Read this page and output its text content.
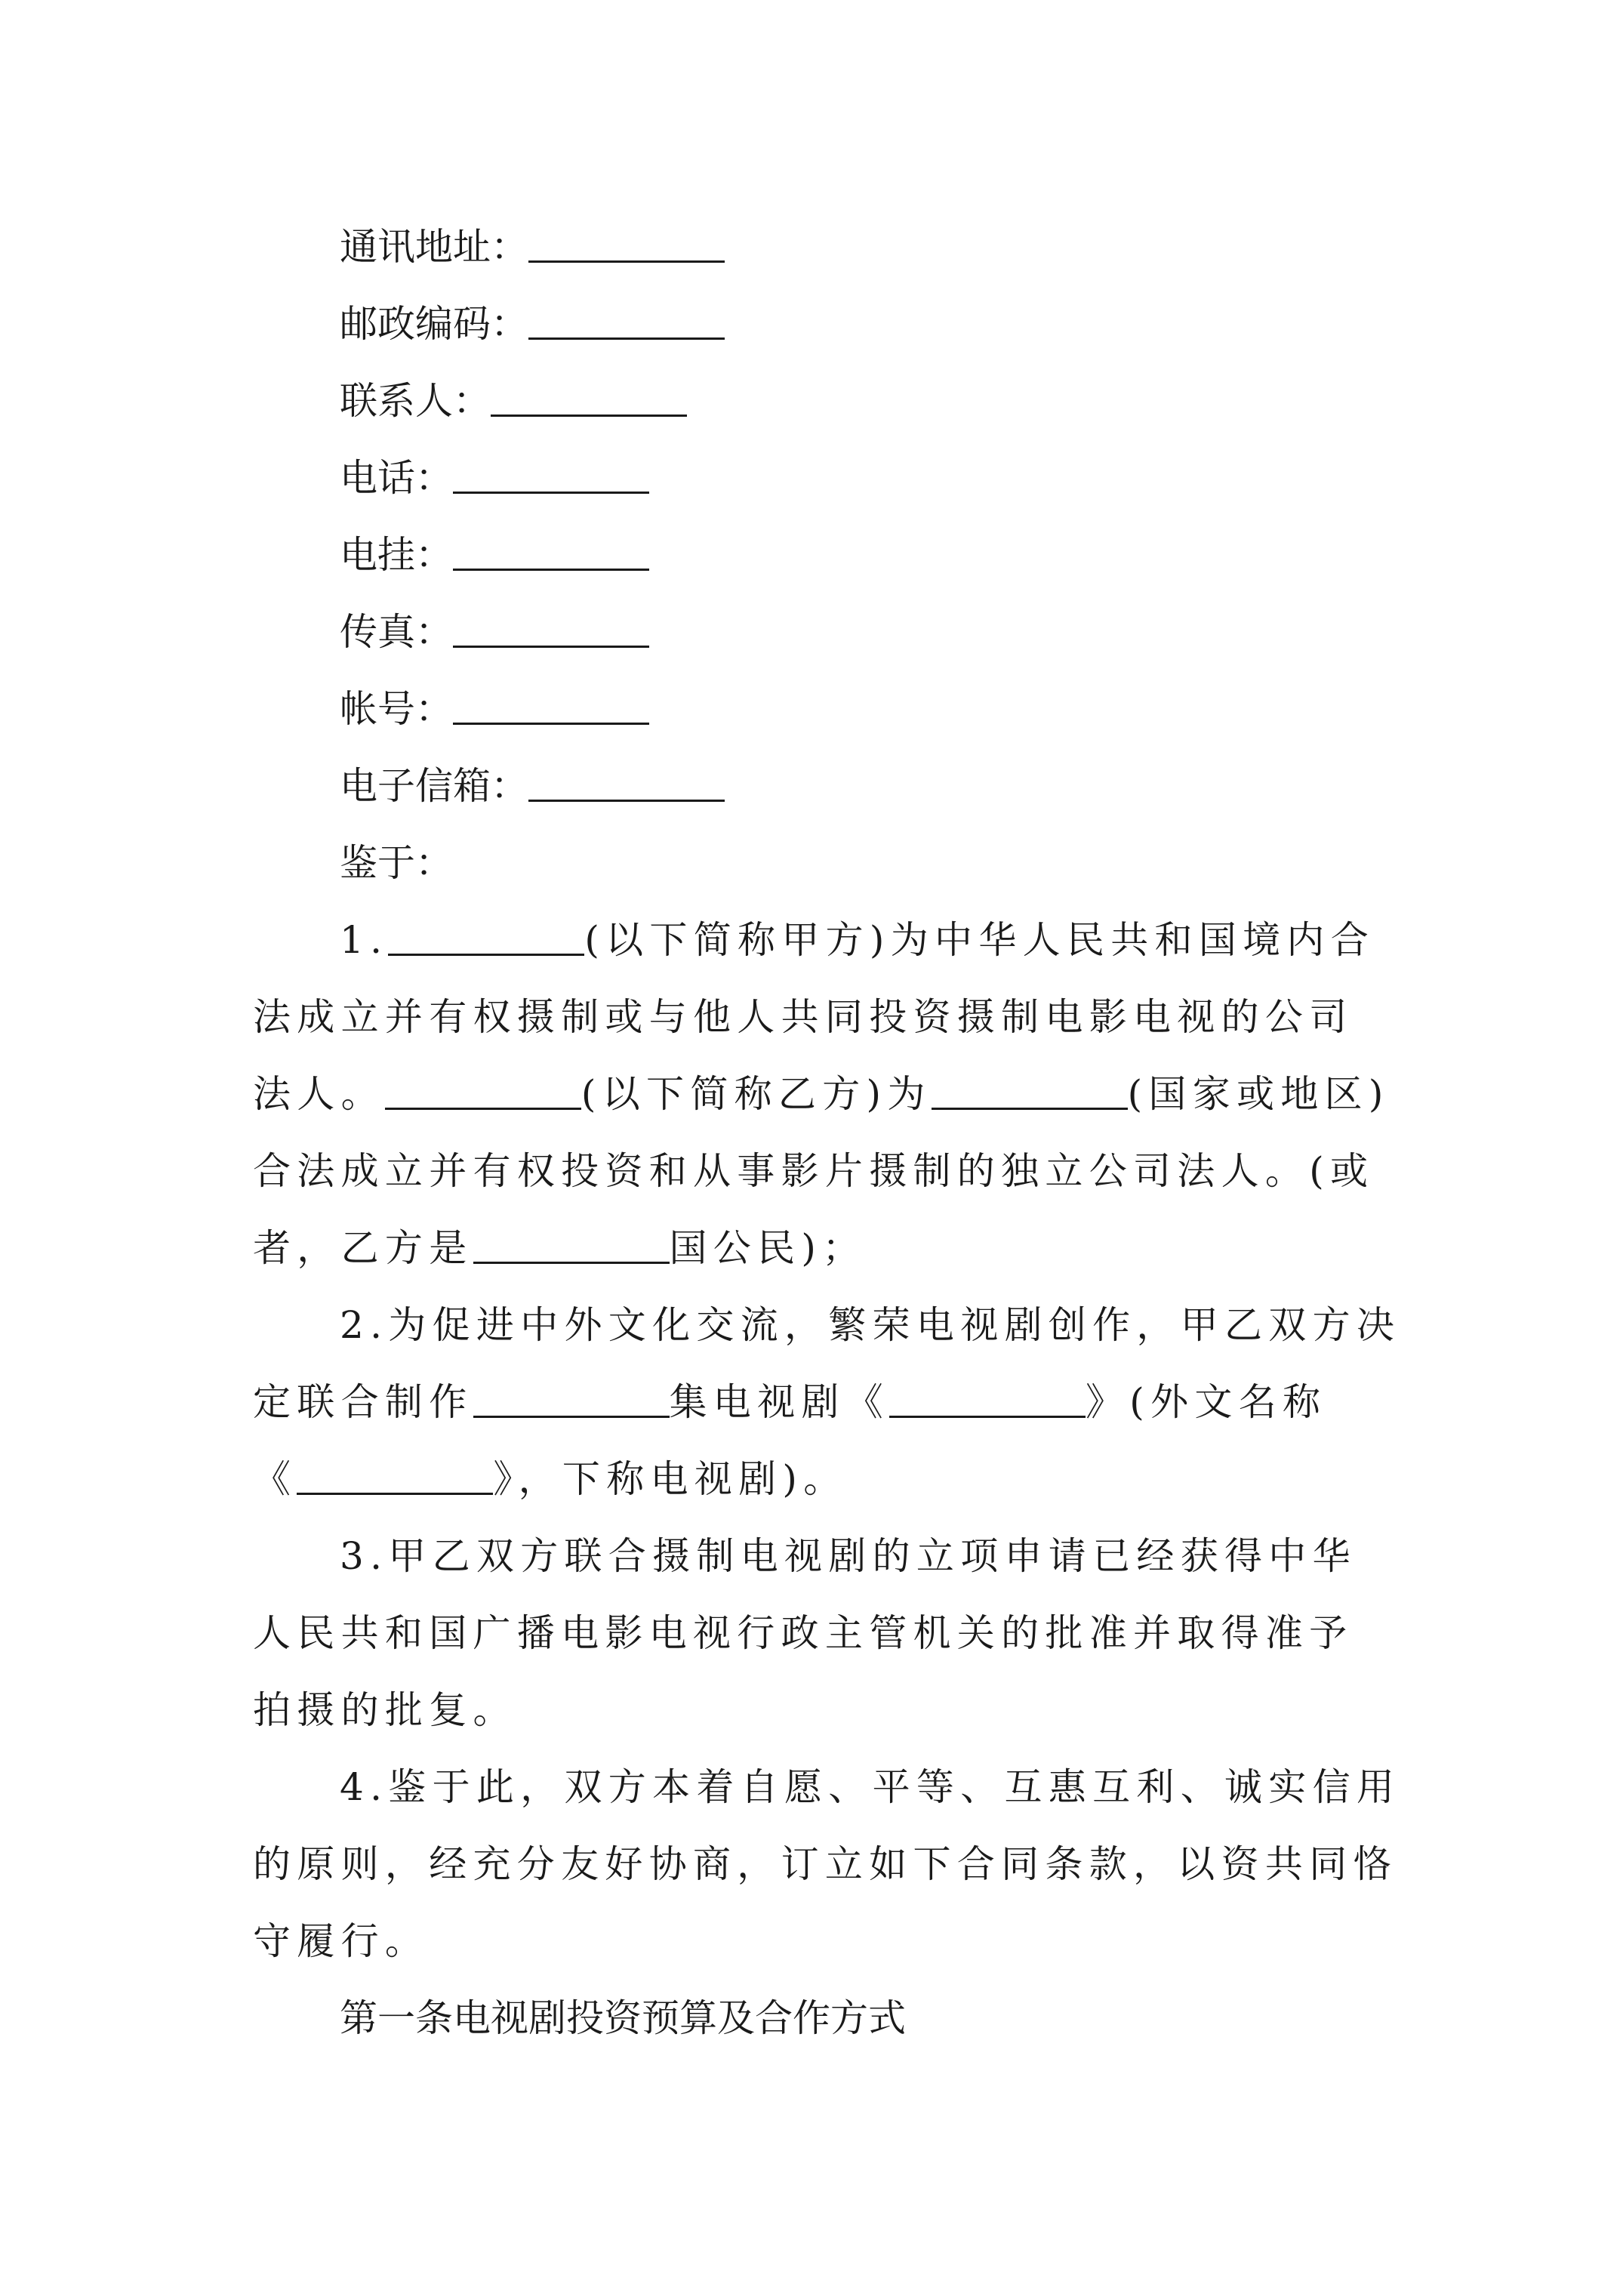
通讯地址：
邮政编码：
联系人：
电话：
电挂：
传真：
帐号：
电子信箱：
鉴于：
1.	(以下简称甲方)为中华人民共和国境内合
法成立并有权摄制或与他人共同投资摄制电影电视的公司
法人。	(以下简称乙方)为	(国家或地区)
合法成立并有权投资和从事影片摄制的独立公司法人。(或
者，乙方是	国公民)；
2.为促进中外文化交流，繁荣电视剧创作，甲乙双方决
定联合制作	集电视剧《	》(外文名称
《	》，下称电视剧)。
3.甲乙双方联合摄制电视剧的立项申请已经获得中华
人民共和国广播电影电视行政主管机关的批准并取得准予
拍摄的批复。
4.鉴于此，双方本着自愿、平等、互惠互利、诚实信用
的原则，经充分友好协商，订立如下合同条款，以资共同恪
守履行。
第一条电视剧投资预算及合作方式
